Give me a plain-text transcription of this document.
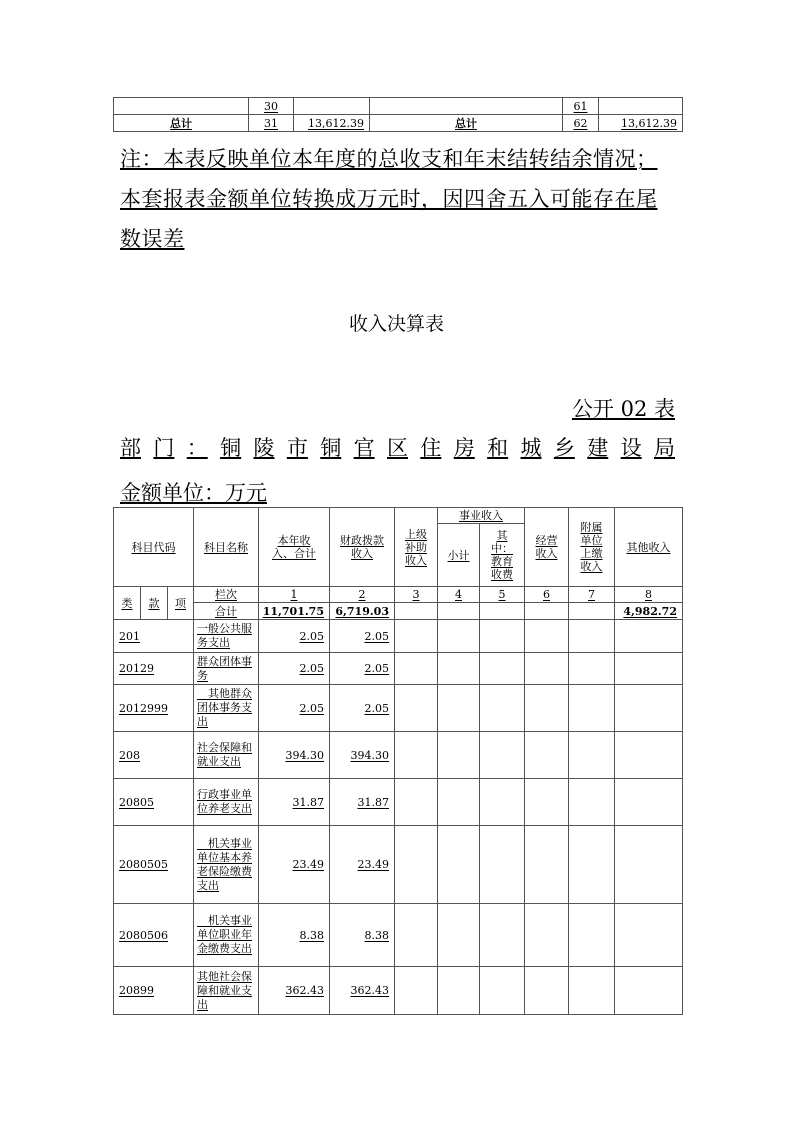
	30			61	
总计	31	13,612.39	总计	62	13,612.39
注：本表反映单位本年度的总收支和年末结转结余情况；
本套报表金额单位转换成万元时，因四舍五入可能存在尾
数误差
收入决算表
公开 02 表
部 门 ： 铜 陵 市 铜 官 区 住 房 和 城 乡 建 设 局
金额单位：万元
科目代码			科目名称	本年收入、合计	财政拨款收入	上级补助收入	事业收入		经营收入	附属单位上缴收入	其他收入
							小计	其中：教育收费			
类	款	项	栏次	1	2	3	4	5	6	7	8
			合计	11,701.75	6,719.03						4,982.72
201			一般公共服务支出	2.05	2.05						
20129			群众团体事务	2.05	2.05						
2012999			　其他群众团体事务支出	2.05	2.05						
208			社会保障和就业支出	394.30	394.30						
20805			行政事业单位养老支出	31.87	31.87						
2080505			　机关事业单位基本养老保险缴费支出	23.49	23.49						
2080506			　机关事业单位职业年金缴费支出	8.38	8.38						
20899			其他社会保障和就业支出	362.43	362.43						
